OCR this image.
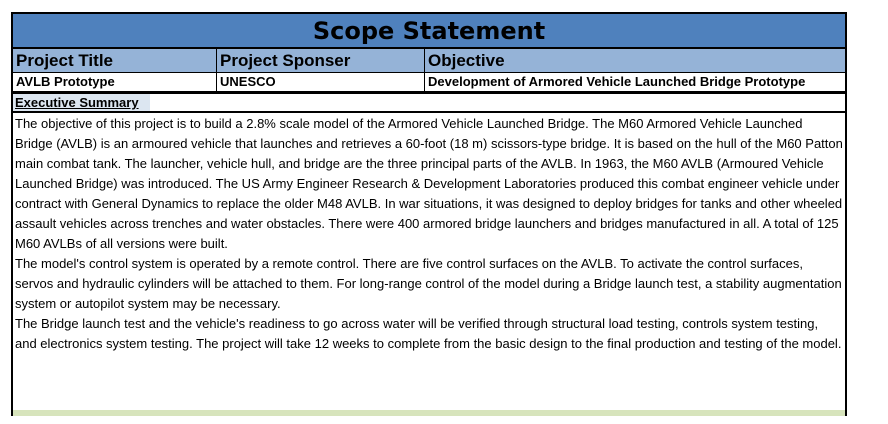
Scope Statement
Project Title
AVLB Prototype
Project Sponser
UNESCO
Objective
Development of Armored Vehicle Launched Bridge Prototype
Executive Summary

The objective of this project is to build a 2.8% scale model of the Armored Vehicle Launched Bridge. The M60 Armored Vehicle Launched Bridge (AVLB) is an armoured vehicle that launches and retrieves a 60-foot (18 m) scissors-type bridge. It is based on the hull of the M60 Patton main combat tank. The launcher, vehicle hull, and bridge are the three principal parts of the AVLB. In 1963, the M60 AVLB (Armoured Vehicle Launched Bridge) was introduced. The US Army Engineer Research & Development Laboratories produced this combat engineer vehicle under contract with General Dynamics to replace the older M48 AVLB. In war situations, it was designed to deploy bridges for tanks and other wheeled assault vehicles across trenches and water obstacles. There were 400 armored bridge launchers and bridges manufactured in all. A total of 125 M60 AVLBs of all versions were built.

The model's control system is operated by a remote control. There are five control surfaces on the AVLB. To activate the control surfaces, servos and hydraulic cylinders will be attached to them. For long-range control of the model during a Bridge launch test, a stability augmentation system or autopilot system may be necessary.

The Bridge launch test and the vehicle's readiness to go across water will be verified through structural load testing, controls system testing, and electronics system testing. The project will take 12 weeks to complete from the basic design to the final production and testing of the model.
